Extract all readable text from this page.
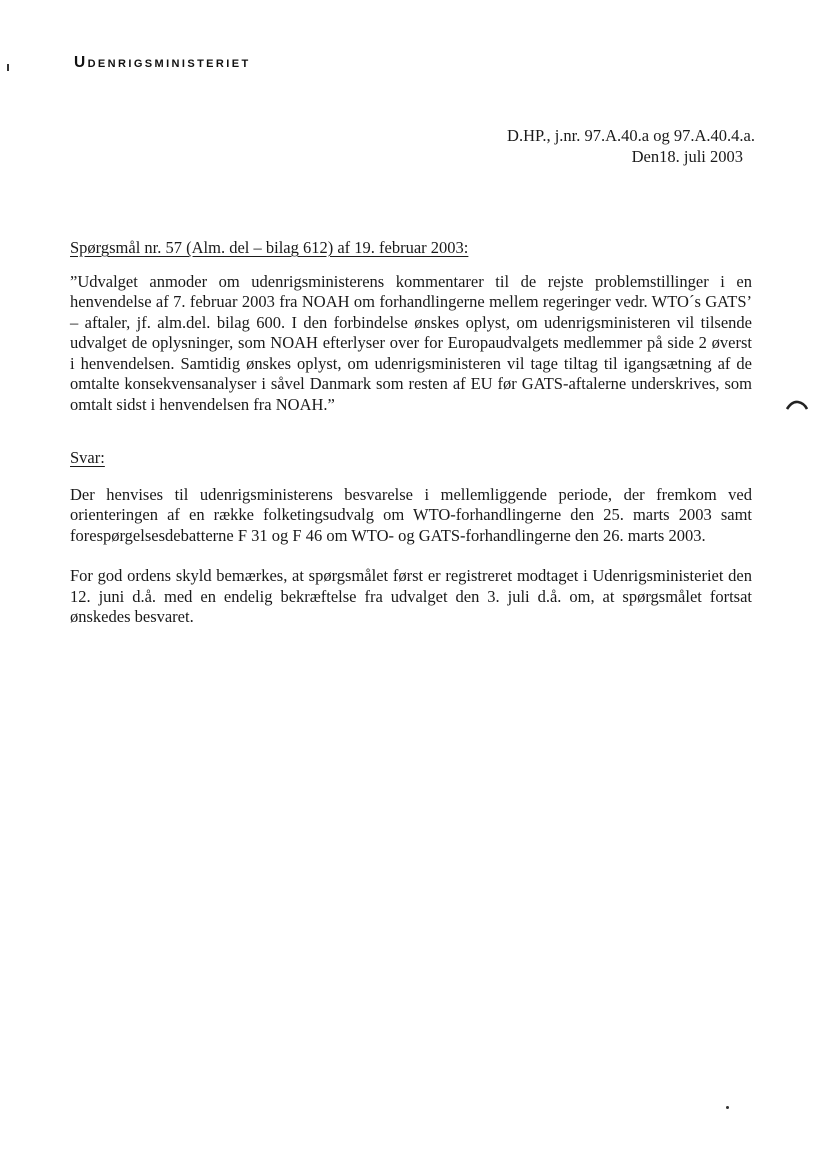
Udenrigsministeriet
D.HP., j.nr. 97.A.40.a og 97.A.40.4.a.
Den18. juli 2003

Spørgsmål nr. 57 (Alm. del – bilag 612) af 19. februar 2003:

”Udvalget anmoder om udenrigsministerens kommentarer til de rejste problemstillinger i en henvendelse af 7. februar 2003 fra NOAH om forhandlingerne mellem regeringer vedr. WTO´s GATS’ – aftaler, jf. alm.del. bilag 600. I den forbindelse ønskes oplyst, om udenrigsministeren vil tilsende udvalget de oplysninger, som NOAH efterlyser over for Europaudvalgets medlemmer på side 2 øverst i henvendelsen. Samtidig ønskes oplyst, om udenrigsministeren vil tage tiltag til igangsætning af de omtalte konsekvensanalyser i såvel Danmark som resten af EU før GATS-aftalerne underskrives, som omtalt sidst i henvendelsen fra NOAH.”

Svar:

Der henvises til udenrigsministerens besvarelse i mellemliggende periode, der fremkom ved orienteringen af en række folketingsudvalg om WTO-forhandlingerne den 25. marts 2003 samt forespørgelsesdebatterne F 31 og F 46 om WTO- og GATS-forhandlingerne den 26. marts 2003.

For god ordens skyld bemærkes, at spørgsmålet først er registreret modtaget i Udenrigsministeriet den 12. juni d.å. med en endelig bekræftelse fra udvalget den 3. juli d.å. om, at spørgsmålet fortsat ønskedes besvaret.
